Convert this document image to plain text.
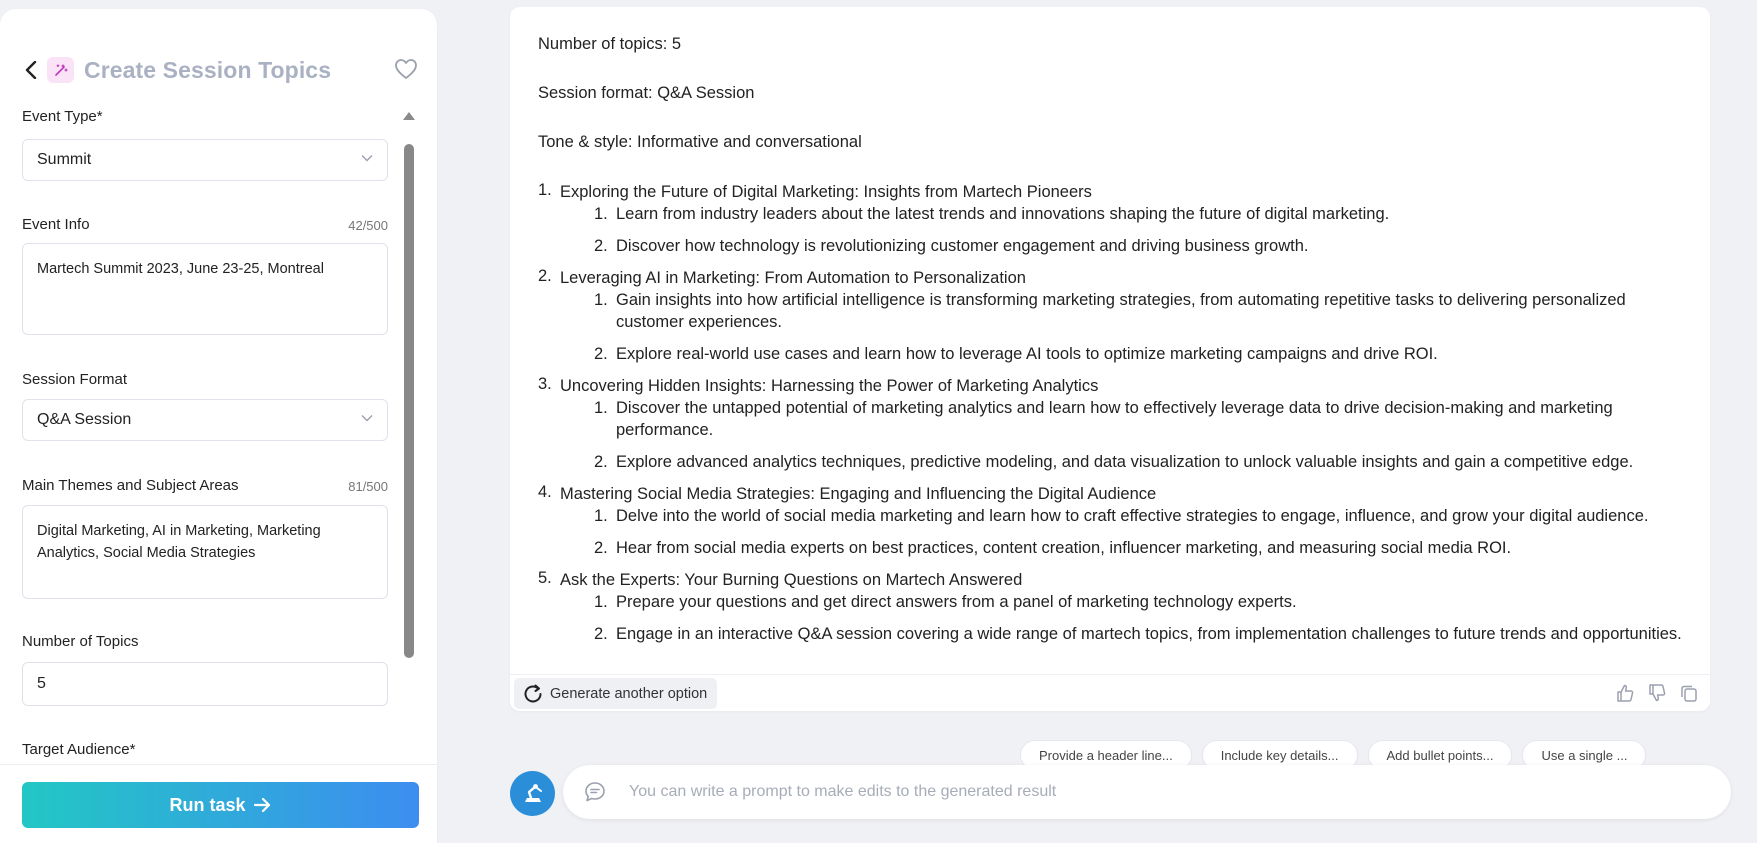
Create Session Topics
Event Type*
Summit
Event Info	42/500
Martech Summit 2023, June 23-25, Montreal
Session Format
Q&A Session
Main Themes and Subject Areas	81/500
Digital Marketing, AI in Marketing, Marketing Analytics, Social Media Strategies
Number of Topics
5
Target Audience*
Run task
Number of topics: 5
Session format: Q&A Session
Tone & style: Informative and conversational
1. Exploring the Future of Digital Marketing: Insights from Martech Pioneers
1. Learn from industry leaders about the latest trends and innovations shaping the future of digital marketing.
2. Discover how technology is revolutionizing customer engagement and driving business growth.
2. Leveraging AI in Marketing: From Automation to Personalization
1. Gain insights into how artificial intelligence is transforming marketing strategies, from automating repetitive tasks to delivering personalized customer experiences.
2. Explore real-world use cases and learn how to leverage AI tools to optimize marketing campaigns and drive ROI.
3. Uncovering Hidden Insights: Harnessing the Power of Marketing Analytics
1. Discover the untapped potential of marketing analytics and learn how to effectively leverage data to drive decision-making and marketing performance.
2. Explore advanced analytics techniques, predictive modeling, and data visualization to unlock valuable insights and gain a competitive edge.
4. Mastering Social Media Strategies: Engaging and Influencing the Digital Audience
1. Delve into the world of social media marketing and learn how to craft effective strategies to engage, influence, and grow your digital audience.
2. Hear from social media experts on best practices, content creation, influencer marketing, and measuring social media ROI.
5. Ask the Experts: Your Burning Questions on Martech Answered
1. Prepare your questions and get direct answers from a panel of marketing technology experts.
2. Engage in an interactive Q&A session covering a wide range of martech topics, from implementation challenges to future trends and opportunities.
Generate another option
Provide a header line...	Include key details...	Add bullet points...	Use a single ...
You can write a prompt to make edits to the generated result
